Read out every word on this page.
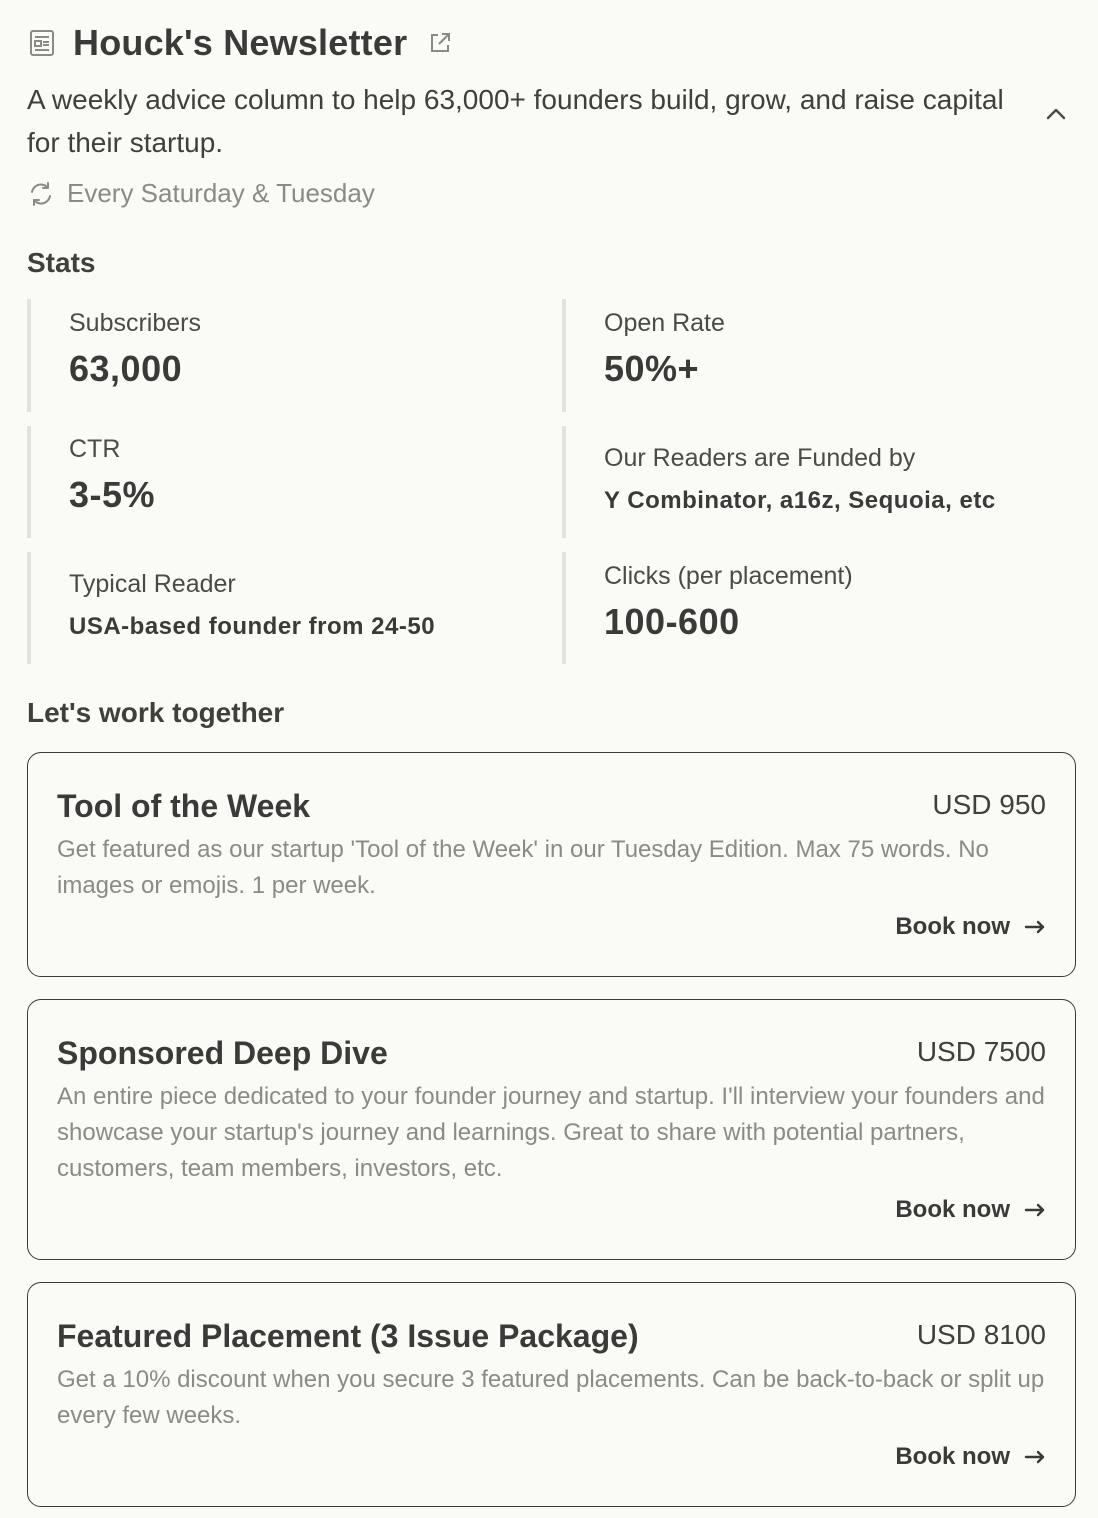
Houck's Newsletter

A weekly advice column to help 63,000+ founders build, grow, and raise capital for their startup.

Every Saturday & Tuesday
Stats
Subscribers
63,000
Open Rate
50%+
CTR
3-5%
Our Readers are Funded by
Y Combinator, a16z, Sequoia, etc
Typical Reader
USA-based founder from 24-50
Clicks (per placement)
100-600
Let's work together
Tool of the Week	USD 950
Get featured as our startup 'Tool of the Week' in our Tuesday Edition. Max 75 words. No images or emojis. 1 per week.
Book now
Sponsored Deep Dive	USD 7500
An entire piece dedicated to your founder journey and startup. I'll interview your founders and showcase your startup's journey and learnings. Great to share with potential partners, customers, team members, investors, etc.
Book now
Featured Placement (3 Issue Package)	USD 8100
Get a 10% discount when you secure 3 featured placements. Can be back-to-back or split up every few weeks.
Book now
